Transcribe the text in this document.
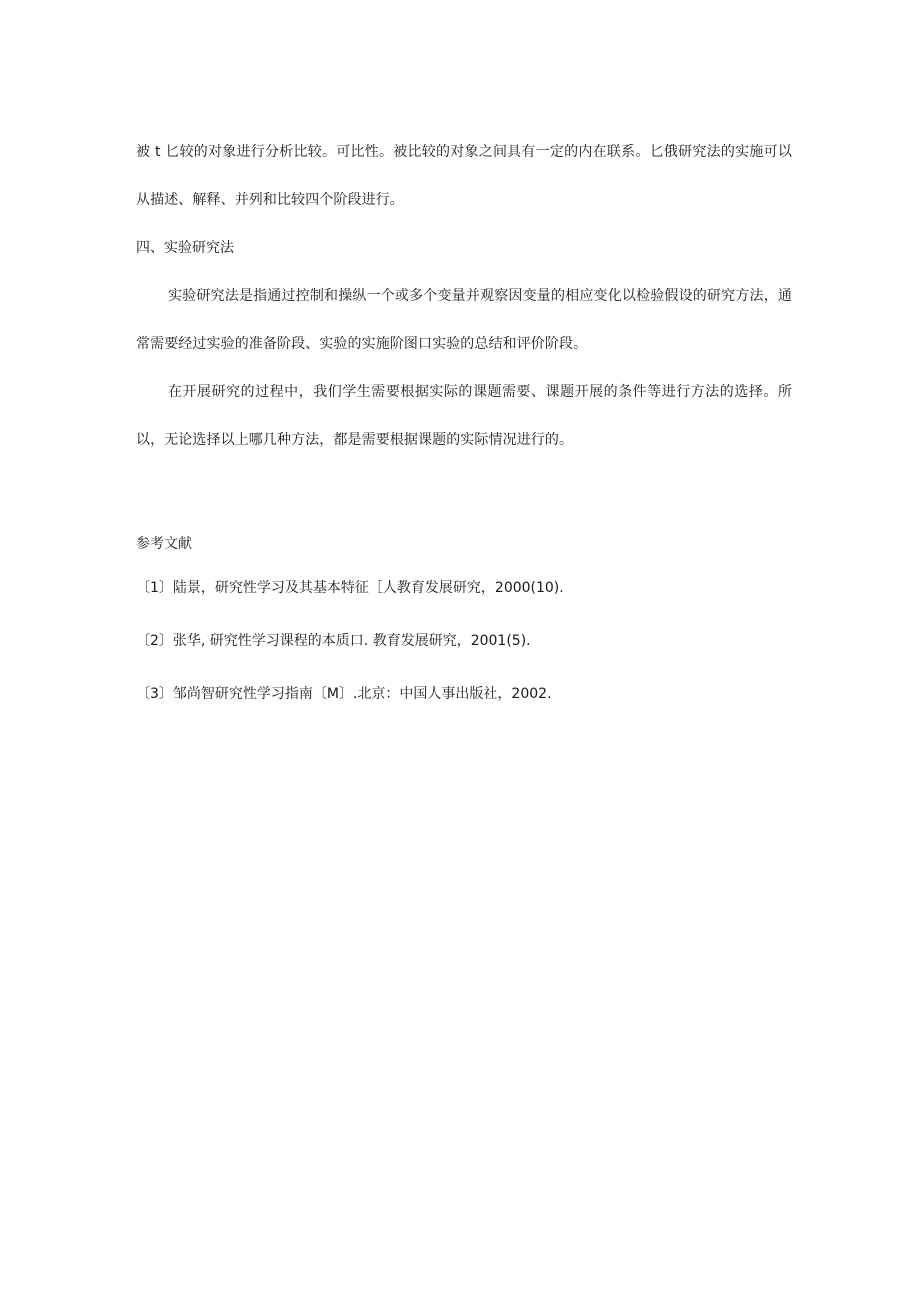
被 t 匕较的对象进行分析比较。可比性。被比较的对象之间具有一定的内在联系。匕俄研究法的实施可以从描述、解释、并列和比较四个阶段进行。

四、实验研究法

实验研究法是指通过控制和操纵一个或多个变量并观察因变量的相应变化以检验假设的研究方法，通常需要经过实验的准备阶段、实验的实施阶图口实验的总结和评价阶段。

在开展研究的过程中，我们学生需要根据实际的课题需要、课题开展的条件等进行方法的选择。所以，无论选择以上哪几种方法，都是需要根据课题的实际情况进行的。

参考文献
〔1〕陆景，研究性学习及其基本特征［人教育发展研究，2000(10).
〔2〕张华, 研究性学习课程的本质口. 教育发展研究，2001(5).
〔3〕邹尚智研究性学习指南〔M〕.北京：中国人事出版社，2002.
